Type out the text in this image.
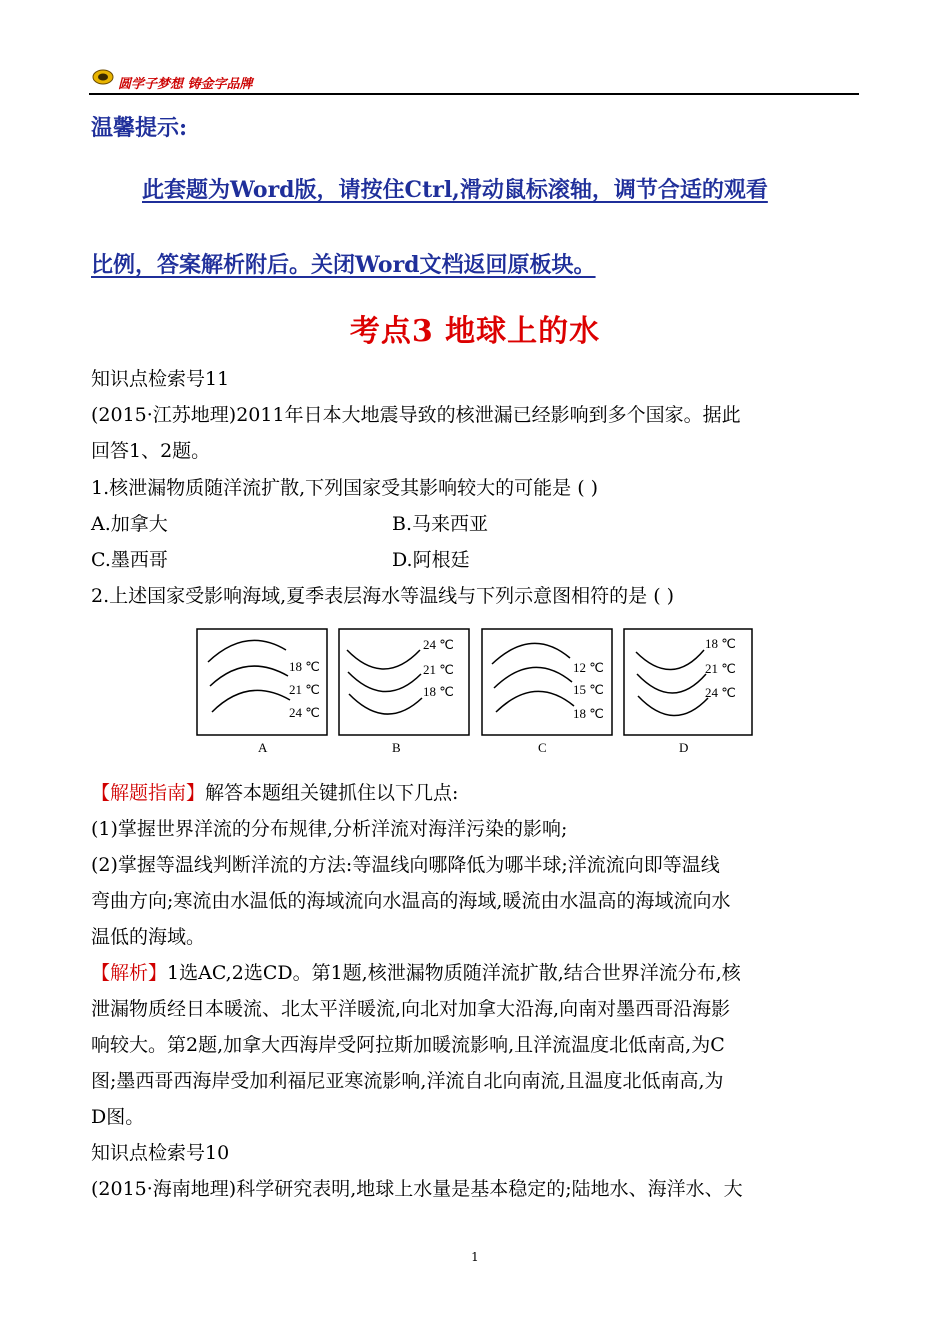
圆学子梦想 铸金字品牌
温馨提示:
此套题为Word版，请按住Ctrl,滑动鼠标滚轴，调节合适的观看
比例，答案解析附后。关闭Word文档返回原板块。
考点3 地球上的水
知识点检索号11
(2015·江苏地理)2011年日本大地震导致的核泄漏已经影响到多个国家。据此
回答1、2题。
1.核泄漏物质随洋流扩散,下列国家受其影响较大的可能是 ( )
A.加拿大	B.马来西亚
C.墨西哥	D.阿根廷
2.上述国家受影响海域,夏季表层海水等温线与下列示意图相符的是 ( )
18 ℃
21 ℃
24 ℃
A
24 ℃
21 ℃
18 ℃
B
12 ℃
15 ℃
18 ℃
C
18 ℃
21 ℃
24 ℃
D
【解题指南】解答本题组关键抓住以下几点:
(1)掌握世界洋流的分布规律,分析洋流对海洋污染的影响;
(2)掌握等温线判断洋流的方法:等温线向哪降低为哪半球;洋流流向即等温线
弯曲方向;寒流由水温低的海域流向水温高的海域,暖流由水温高的海域流向水
温低的海域。
【解析】1选AC,2选CD。第1题,核泄漏物质随洋流扩散,结合世界洋流分布,核
泄漏物质经日本暖流、北太平洋暖流,向北对加拿大沿海,向南对墨西哥沿海影
响较大。第2题,加拿大西海岸受阿拉斯加暖流影响,且洋流温度北低南高,为C
图;墨西哥西海岸受加利福尼亚寒流影响,洋流自北向南流,且温度北低南高,为
D图。
知识点检索号10
(2015·海南地理)科学研究表明,地球上水量是基本稳定的;陆地水、海洋水、大
1
